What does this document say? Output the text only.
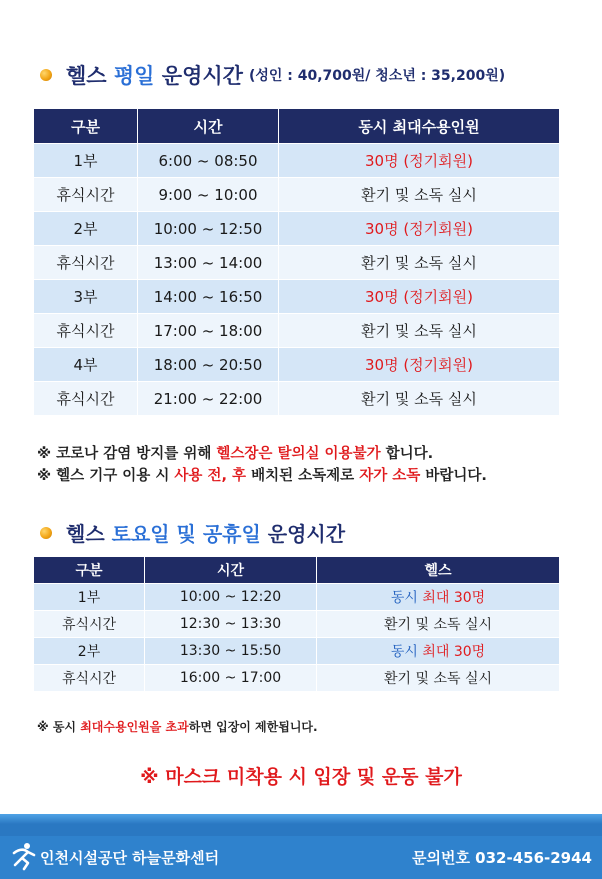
헬스
평일
운영시간 (성인 : 40,700원/ 청소년 : 35,200원)
구분	시간	동시 최대수용인원
1부	6:00 ~ 08:50	30명 (정기회원)
휴식시간	9:00 ~ 10:00	환기 및 소독 실시
2부	10:00 ~ 12:50	30명 (정기회원)
휴식시간	13:00 ~ 14:00	환기 및 소독 실시
3부	14:00 ~ 16:50	30명 (정기회원)
휴식시간	17:00 ~ 18:00	환기 및 소독 실시
4부	18:00 ~ 20:50	30명 (정기회원)
휴식시간	21:00 ~ 22:00	환기 및 소독 실시
※ 코로나 감염 방지를 위해 헬스장은 탈의실 이용불가 합니다.
※ 헬스 기구 이용 시 사용 전, 후 배치된 소독제로 자가 소독 바랍니다.
헬스
토요일 및 공휴일
운영시간
구분	시간	헬스
1부	10:00 ~ 12:20	동시 최대 30명
휴식시간	12:30 ~ 13:30	환기 및 소독 실시
2부	13:30 ~ 15:50	동시 최대 30명
휴식시간	16:00 ~ 17:00	환기 및 소독 실시
※ 동시 최대수용인원을 초과하면 입장이 제한됩니다.
※ 마스크 미착용 시 입장 및 운동 불가
인천시설공단 하늘문화센터	문의번호 032-456-2944
